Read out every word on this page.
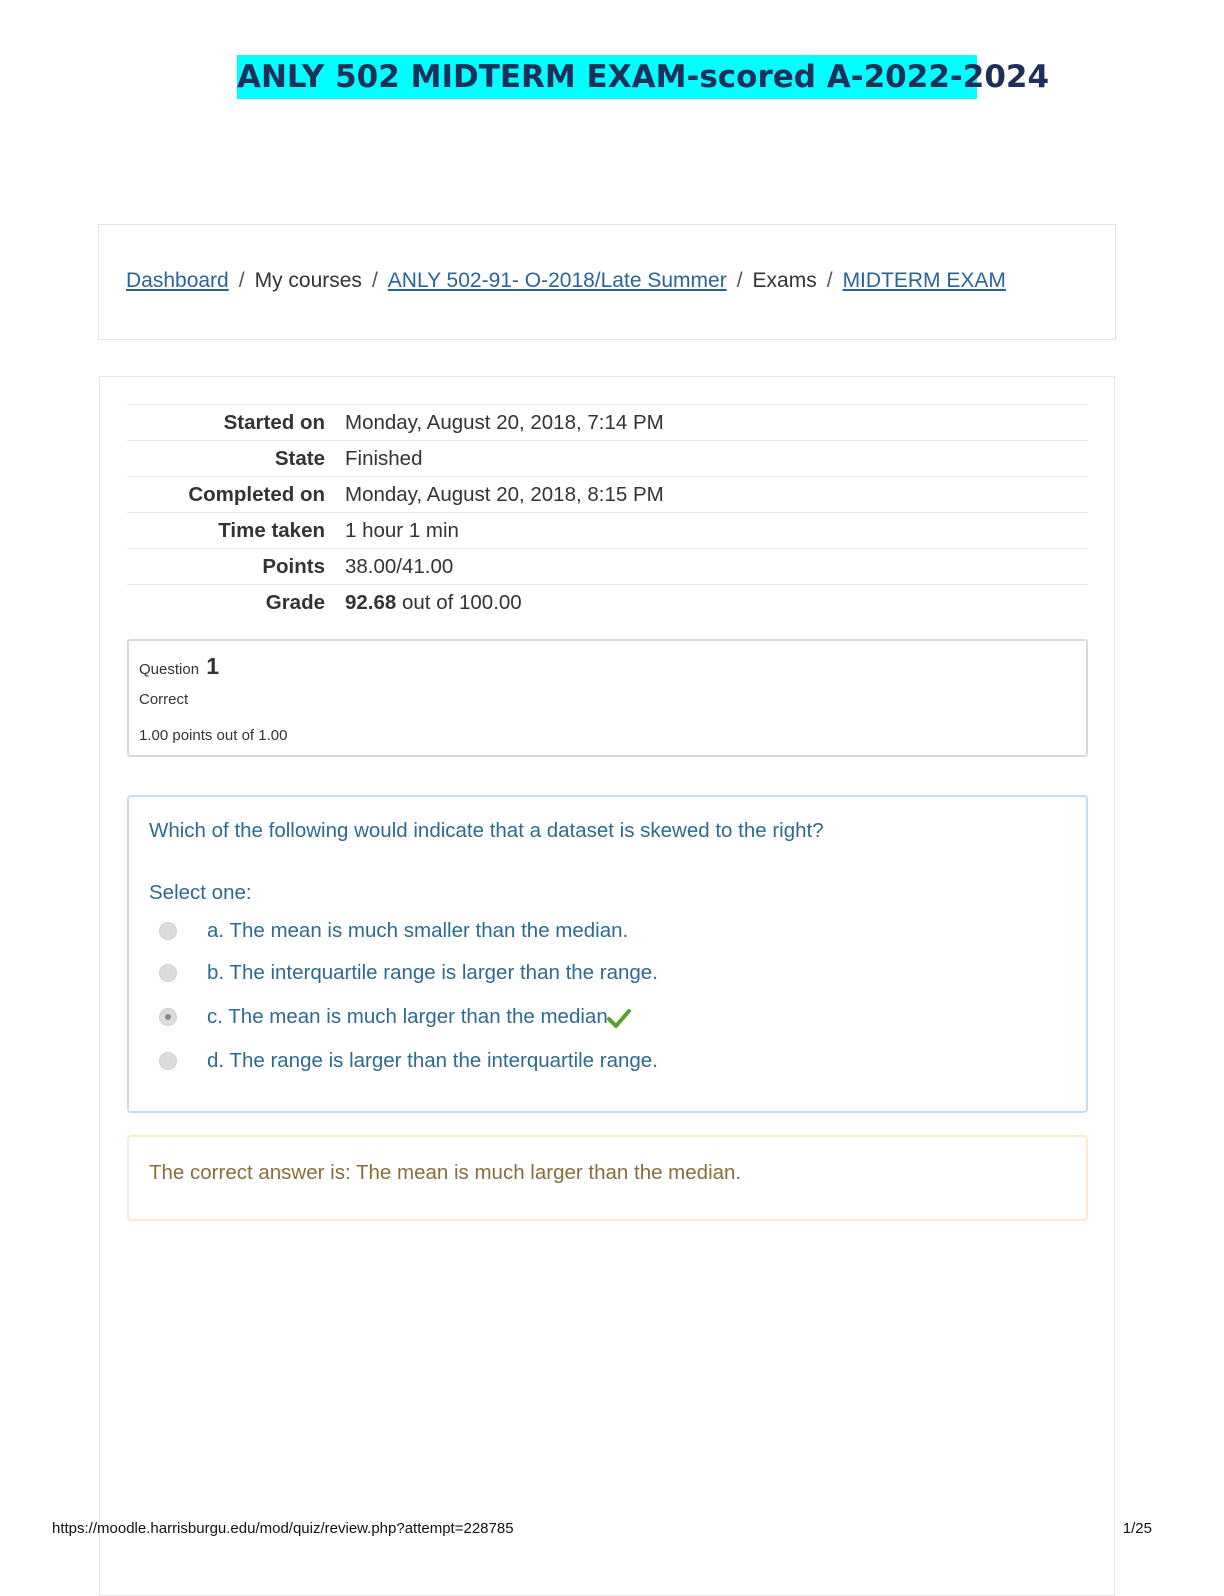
ANLY 502 MIDTERM EXAM-scored A-2022-2024
Dashboard / My courses / ANLY 502-91- O-2018/Late Summer / Exams / MIDTERM EXAM
Started on	Monday, August 20, 2018, 7:14 PM
State	Finished
Completed on	Monday, August 20, 2018, 8:15 PM
Time taken	1 hour 1 min
Points	38.00/41.00
Grade	92.68 out of 100.00
Question 1
Correct
1.00 points out of 1.00
Which of the following would indicate that a dataset is skewed to the right?
Select one:
a. The mean is much smaller than the median.
b. The interquartile range is larger than the range.
c. The mean is much larger than the median.
d. The range is larger than the interquartile range.
The correct answer is: The mean is much larger than the median.
https://moodle.harrisburgu.edu/mod/quiz/review.php?attempt=228785	1/25
